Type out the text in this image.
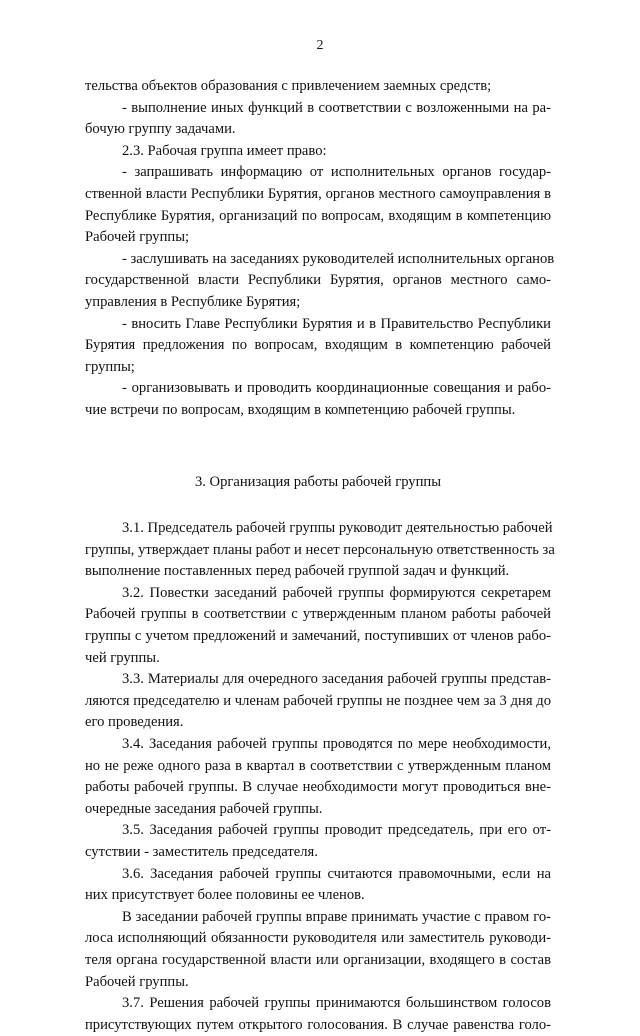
2
тельства объектов образования с привлечением заемных средств;
- выполнение иных функций в соответствии с возложенными на ра-
бочую группу задачами.
2.3. Рабочая группа имеет право:
- запрашивать информацию от исполнительных органов государ-
ственной власти Республики Бурятия, органов местного самоуправления в
Республике Бурятия, организаций по вопросам, входящим в компетенцию
Рабочей группы;
- заслушивать на заседаниях руководителей исполнительных органов
государственной власти Республики Бурятия, органов местного само-
управления в Республике Бурятия;
- вносить Главе Республики Бурятия и в Правительство Республики
Бурятия предложения по вопросам, входящим в компетенцию рабочей
группы;
- организовывать и проводить координационные совещания и рабо-
чие встречи по вопросам, входящим в компетенцию рабочей группы.
3. Организация работы рабочей группы
3.1. Председатель рабочей группы руководит деятельностью рабочей
группы, утверждает планы работ и несет персональную ответственность за
выполнение поставленных перед рабочей группой задач и функций.
3.2. Повестки заседаний рабочей группы формируются секретарем
Рабочей группы в соответствии с утвержденным планом работы рабочей
группы с учетом предложений и замечаний, поступивших от членов рабо-
чей группы.
3.3. Материалы для очередного заседания рабочей группы представ-
ляются председателю и членам рабочей группы не позднее чем за 3 дня до
его проведения.
3.4. Заседания рабочей группы проводятся по мере необходимости,
но не реже одного раза в квартал в соответствии с утвержденным планом
работы рабочей группы. В случае необходимости могут проводиться вне-
очередные заседания рабочей группы.
3.5. Заседания рабочей группы проводит председатель, при его от-
сутствии - заместитель председателя.
3.6. Заседания рабочей группы считаются правомочными, если на
них присутствует более половины ее членов.
В заседании рабочей группы вправе принимать участие с правом го-
лоса исполняющий обязанности руководителя или заместитель руководи-
теля органа государственной власти или организации, входящего в состав
Рабочей группы.
3.7. Решения рабочей группы принимаются большинством голосов
присутствующих путем открытого голосования. В случае равенства голо-
